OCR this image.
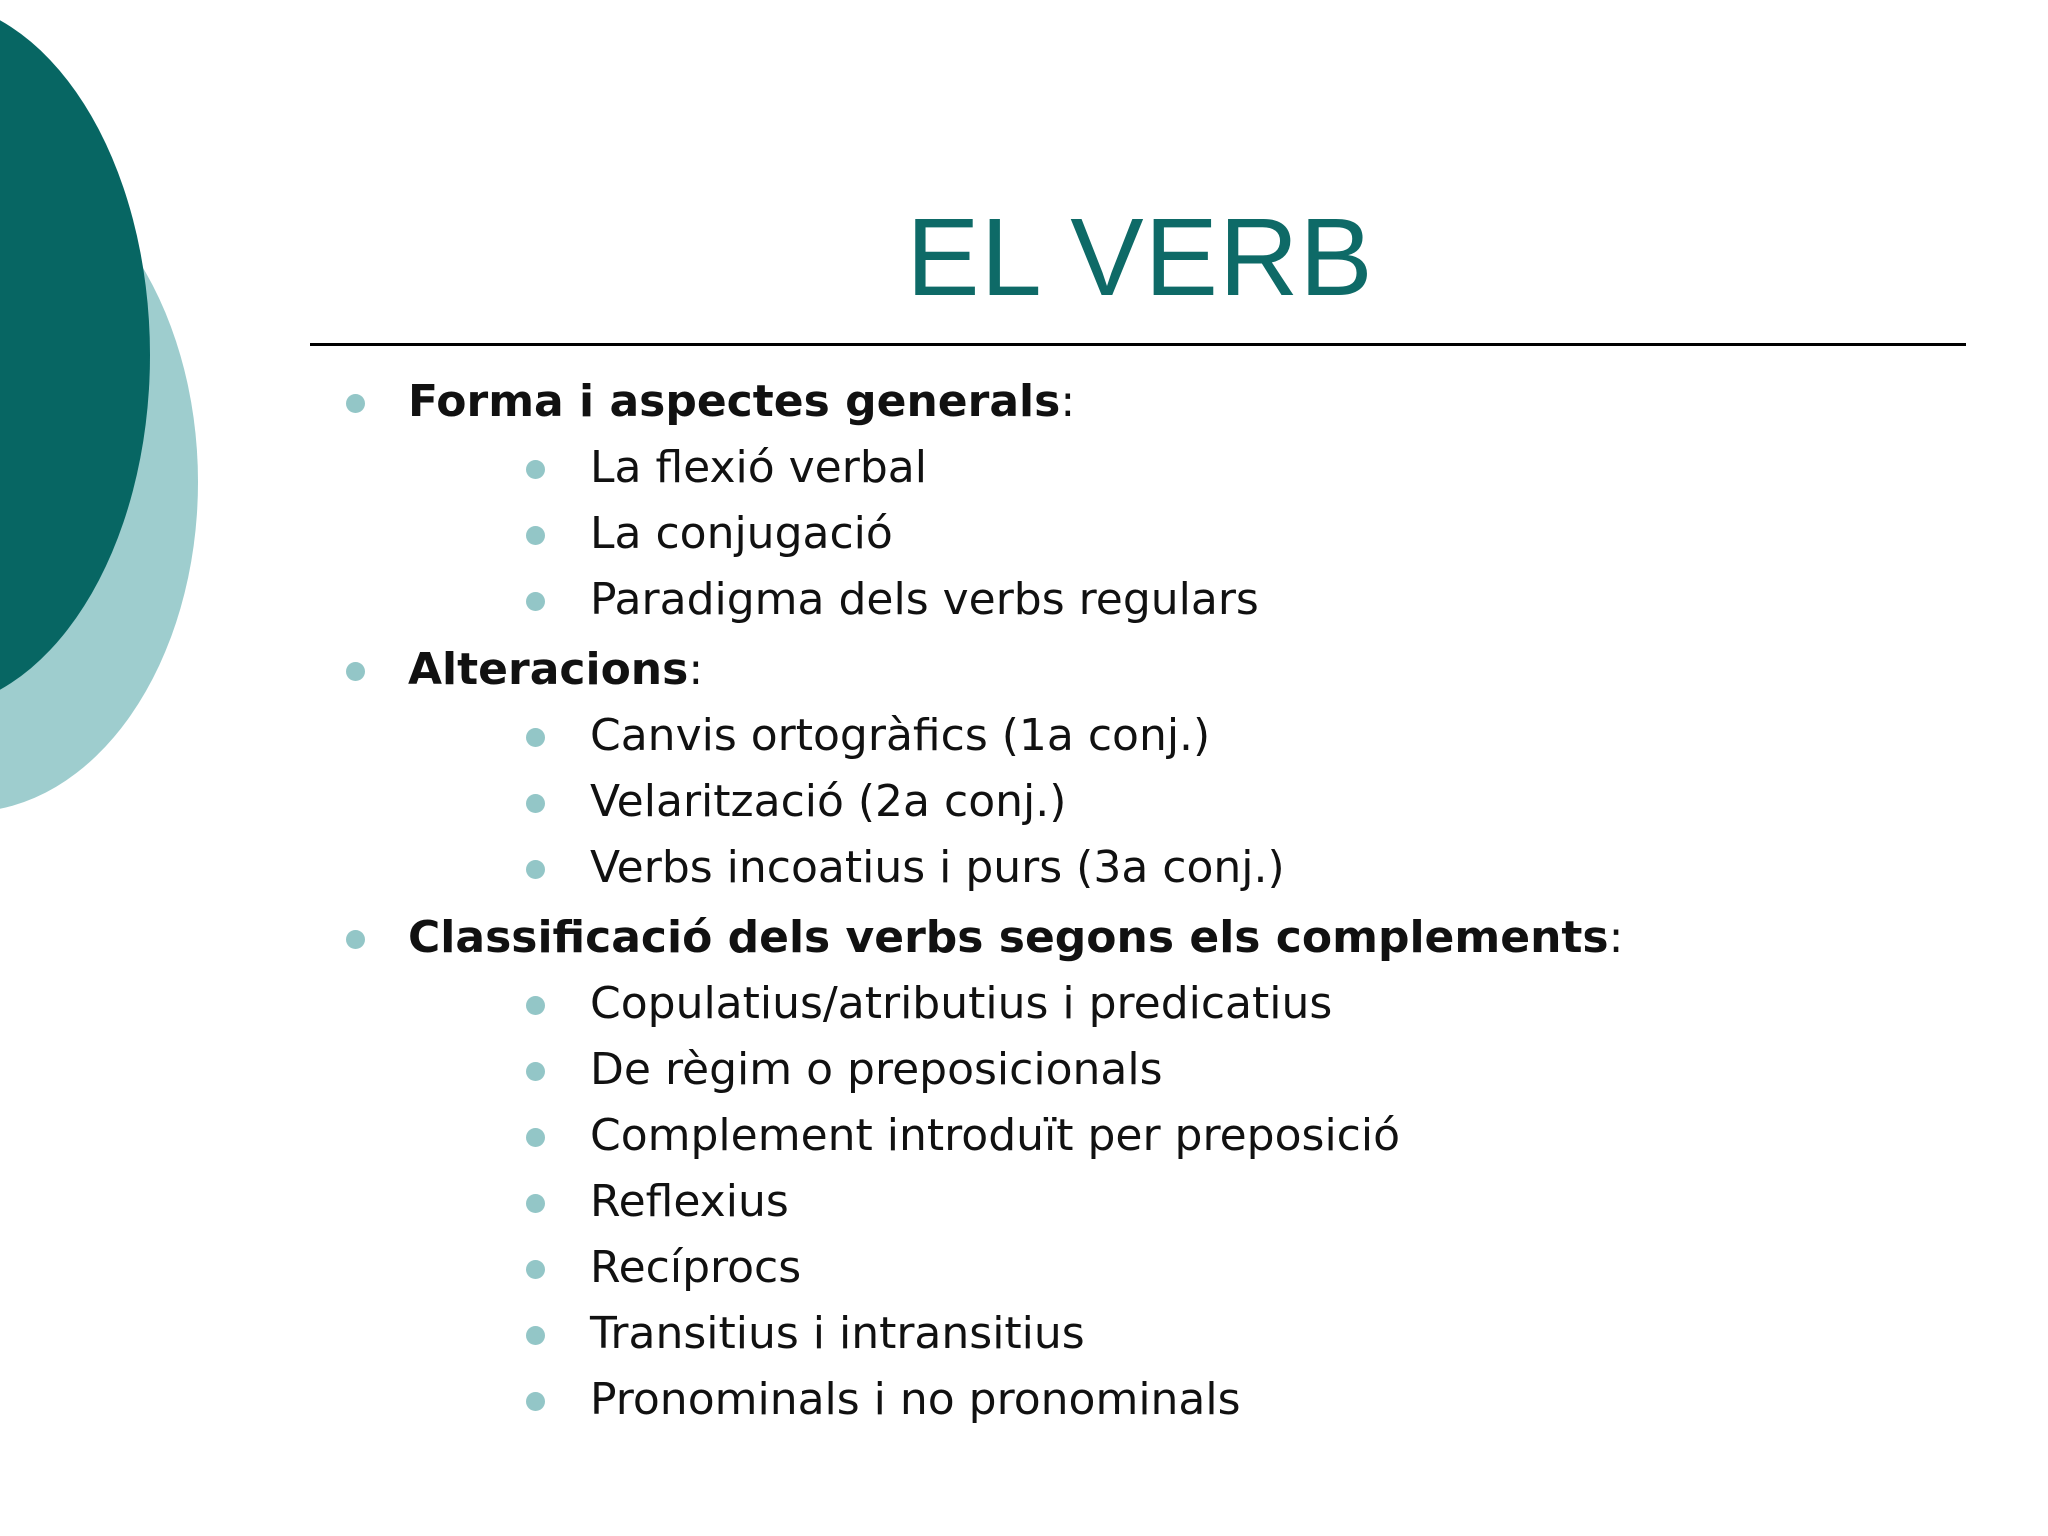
EL VERB
Forma i aspectes generals:
La flexió verbal
La conjugació
Paradigma dels verbs regulars
Alteracions:
Canvis ortogràfics (1a conj.)
Velarització (2a conj.)
Verbs incoatius i purs (3a conj.)
Classificació dels verbs segons els complements:
Copulatius/atributius i predicatius
De règim o preposicionals
Complement introduït per preposició
Reflexius
Recíprocs
Transitius i intransitius
Pronominals i no pronominals
